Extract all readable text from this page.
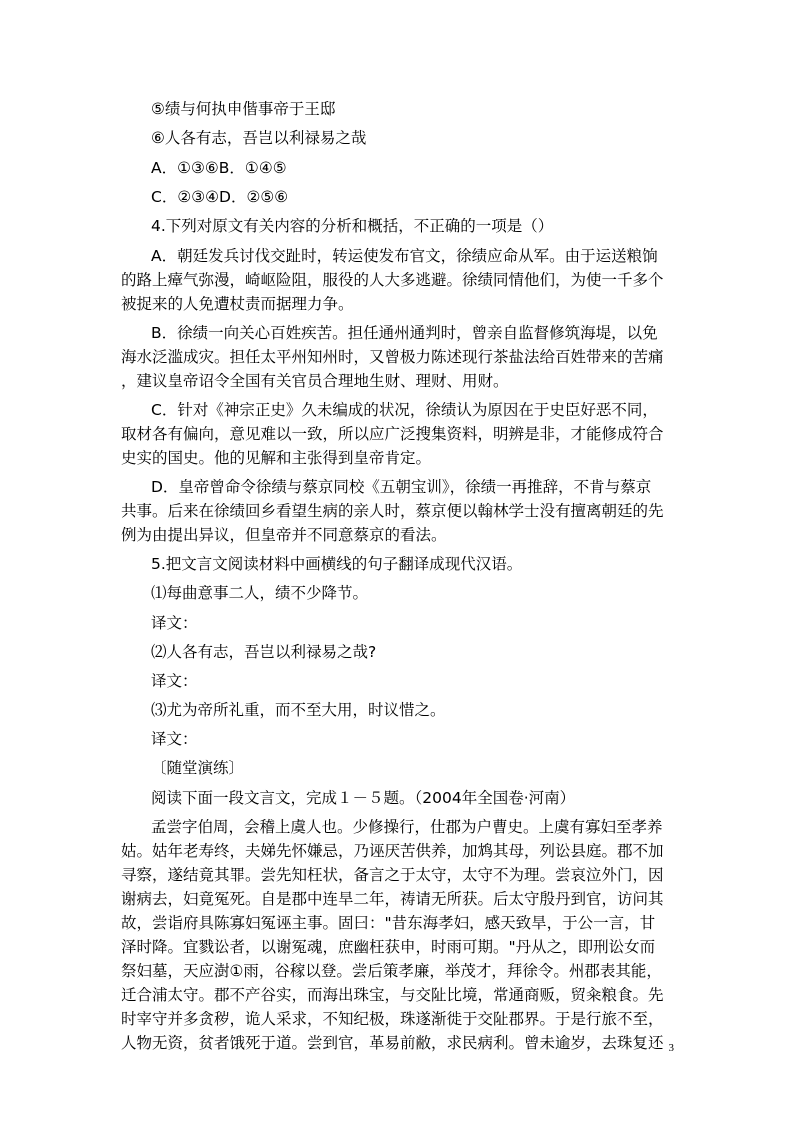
⑤绩与何执申偕事帝于王邸
⑥人各有志，吾岂以利禄易之哉
A．①③⑥B．①④⑤
C．②③④D．②⑤⑥
4.下列对原文有关内容的分析和概括，不正确的一项是（）
A．朝廷发兵讨伐交趾时，转运使发布官文，徐绩应命从军。由于运送粮饷
的路上瘴气弥漫，崎岖险阻，服役的人大多逃避。徐绩同情他们，为使一千多个
被捉来的人免遭杖责而据理力争。
B．徐绩一向关心百姓疾苦。担任通州通判时，曾亲自监督修筑海堤，以免
海水泛滥成灾。担任太平州知州时，又曾极力陈述现行茶盐法给百姓带来的苦痛
，建议皇帝诏令全国有关官员合理地生财、理财、用财。
C．针对《神宗正史》久未编成的状况，徐绩认为原因在于史臣好恶不同，
取材各有偏向，意见难以一致，所以应广泛搜集资料，明辨是非，才能修成符合
史实的国史。他的见解和主张得到皇帝肯定。
D．皇帝曾命令徐绩与蔡京同校《五朝宝训》，徐绩一再推辞，不肯与蔡京
共事。后来在徐绩回乡看望生病的亲人时，蔡京便以翰林学士没有擅离朝廷的先
例为由提出异议，但皇帝并不同意蔡京的看法。
5.把文言文阅读材料中画横线的句子翻译成现代汉语。
⑴每曲意事二人，绩不少降节。
译文：
⑵人各有志，吾岂以利禄易之哉?
译文：
⑶尤为帝所礼重，而不至大用，时议惜之。
译文：
〔随堂演练〕
阅读下面一段文言文，完成１－５题。（2004年全国卷·河南）
孟尝字伯周，会稽上虞人也。少修操行，仕郡为户曹史。上虞有寡妇至孝养
姑。姑年老寿终，夫娣先怀嫌忌，乃诬厌苦供养，加鸩其母，列讼县庭。郡不加
寻察，遂结竟其罪。尝先知枉状，备言之于太守，太守不为理。尝哀泣外门，因
谢病去，妇竟冤死。自是郡中连旱二年，祷请无所获。后太守殷丹到官，访问其
故，尝诣府具陈寡妇冤诬主事。固曰："昔东海孝妇，感天致旱，于公一言，甘
泽时降。宜戮讼者，以谢冤魂，庶幽枉获申，时雨可期。"丹从之，即刑讼女而
祭妇墓，天应澍①雨，谷稼以登。尝后策孝廉，举茂才，拜徐令。州郡表其能，
迁合浦太守。郡不产谷实，而海出珠宝，与交阯比境，常通商贩，贸籴粮食。先
时宰守并多贪秽，诡人采求，不知纪极，珠遂渐徙于交阯郡界。于是行旅不至，
人物无资，贫者饿死于道。尝到官，革易前敝，求民病利。曾未逾岁，去珠复还 3
